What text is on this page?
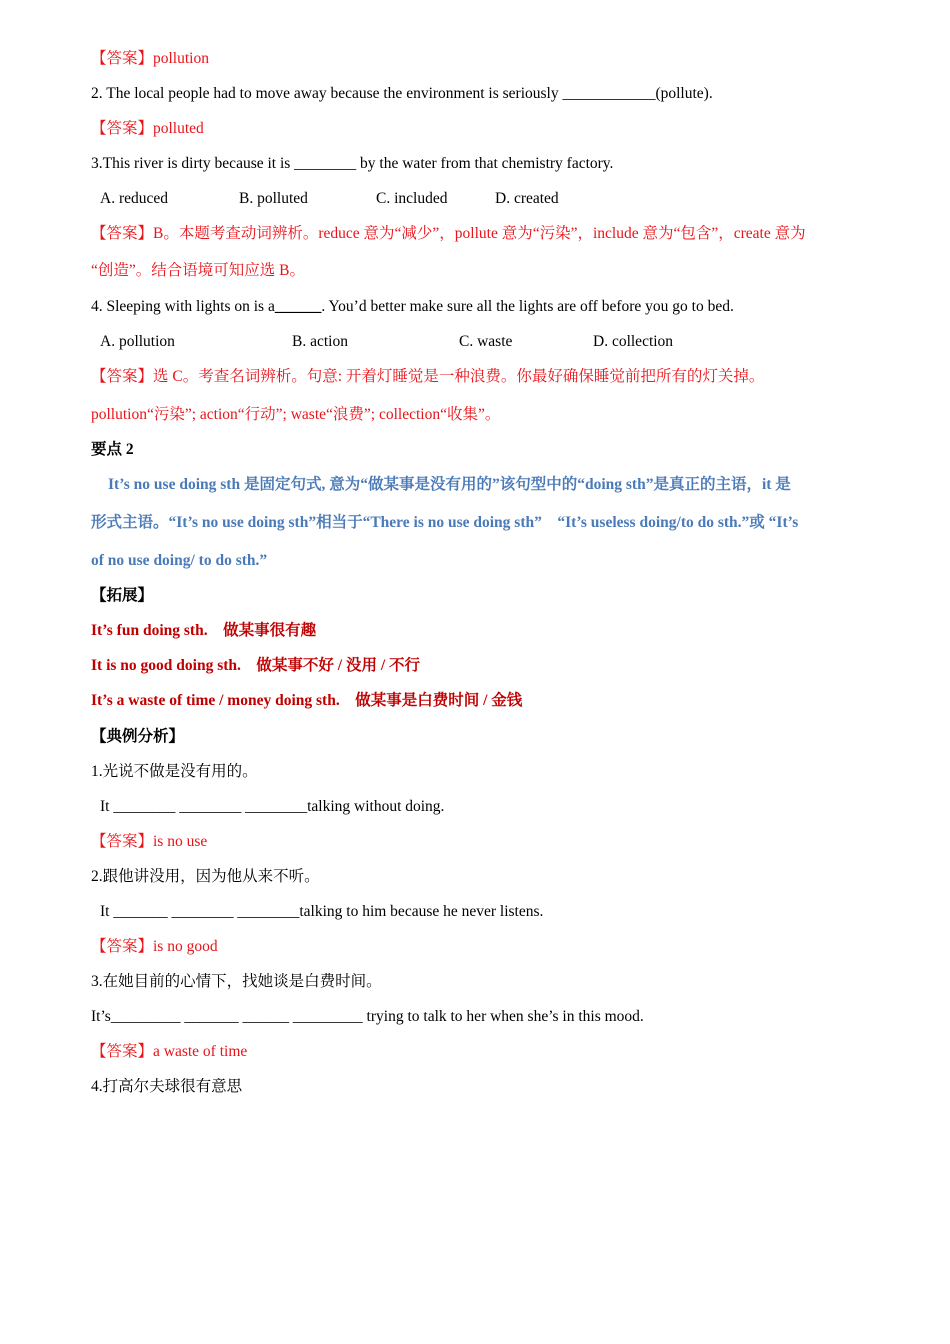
【答案】pollution
2. The local people had to move away because the environment is seriously ____________(pollute).
【答案】polluted
3.This river is dirty because it is ________ by the water from that chemistry factory.
A. reduced	B. polluted	C. included	D. created
【答案】B。本题考查动词辨析。reduce 意为“减少”，pollute 意为“污染”，include 意为“包含”，create 意为
“创造”。结合语境可知应选 B。
4. Sleeping with lights on is a______. You’d better make sure all the lights are off before you go to bed.
A. pollution	B. action	C. waste	D. collection
【答案】选 C。考查名词辨析。句意: 开着灯睡觉是一种浪费。你最好确保睡觉前把所有的灯关掉。
pollution“污染”; action“行动”; waste“浪费”; collection“收集”。
要点 2
It’s no use doing sth 是固定句式, 意为“做某事是没有用的”该句型中的“doing sth”是真正的主语，it 是
形式主语。“It’s no use doing sth”相当于“There is no use doing sth”　“It’s useless doing/to do sth.”或 “It’s
of no use doing/ to do sth.”
【拓展】
It’s fun doing sth.　做某事很有趣
It is no good doing sth.　做某事不好 / 没用 / 不行
It’s a waste of time / money doing sth.　做某事是白费时间 / 金钱
【典例分析】
1.光说不做是没有用的。
It ________ ________ ________talking without doing.
【答案】is no use
2.跟他讲没用，因为他从来不听。
It _______ ________ ________talking to him because he never listens.
【答案】is no good
3.在她目前的心情下，找她谈是白费时间。
It’s_________ _______ ______ _________ trying to talk to her when she’s in this mood.
【答案】a waste of time
4.打高尔夫球很有意思
